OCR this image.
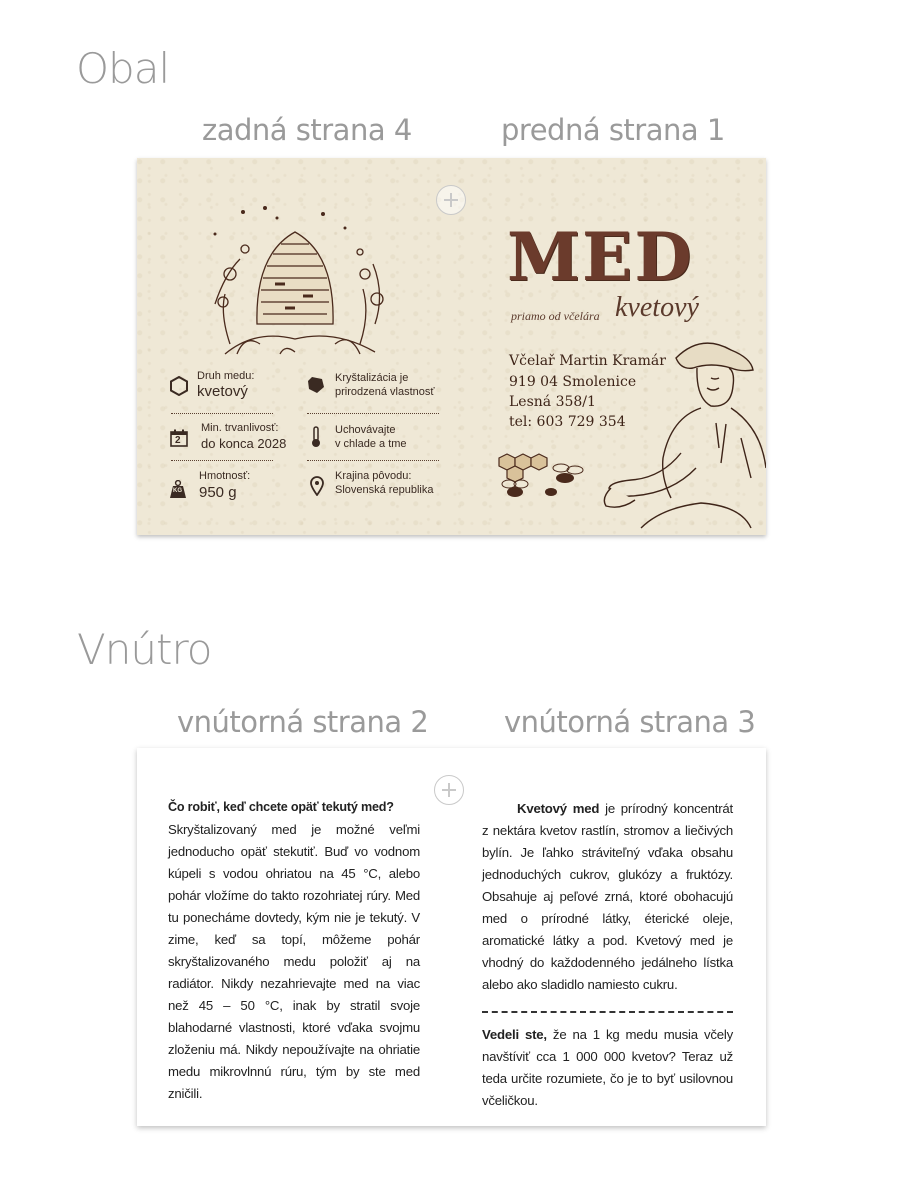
Obal
zadná strana 4	predná strana 1
Druh medu:
kvetový
Kryštalizácia je
prirodzená vlastnosť
2
Min. trvanlivosť:
do konca 2028
Uchovávajte
v chlade a tme
KG
Hmotnosť:
950 g
Krajina pôvodu:
Slovenská republika
MED
priamo od včelára kvetový
Včelař Martin Kramár
919 04 Smolenice
Lesná 358/1
tel: 603 729 354
Vnútro
vnútorná strana 2	vnútorná strana 3
Čo robiť, keď chcete opäť tekutý med?
Skryštalizovaný med je možné veľmi jednoducho opäť stekutiť. Buď vo vodnom kúpeli s vodou ohriatou na 45 °C, alebo pohár vložíme do takto rozohriatej rúry. Med tu ponecháme dovtedy, kým nie je tekutý. V zime, keď sa topí, môžeme pohár skryštalizovaného medu položiť aj na radiátor. Nikdy nezahrievajte med na viac než 45 – 50 °C, inak by stratil svoje blahodarné vlastnosti, ktoré vďaka svojmu zloženiu má. Nikdy nepoužívajte na ohriatie medu mikrovlnnú rúru, tým by ste med zničili.
Kvetový med je prírodný koncentrát z nektára kvetov rastlín, stromov a liečivých bylín. Je ľahko stráviteľný vďaka obsahu jednoduchých cukrov, glukózy a fruktózy. Obsahuje aj peľové zrná, ktoré obohacujú med o prírodné látky, éterické oleje, aromatické látky a pod. Kvetový med je vhodný do každodenného jedálneho lístka alebo ako sladidlo namiesto cukru.
Vedeli ste, že na 1 kg medu musia včely navštíviť cca 1 000 000 kvetov? Teraz už teda určite rozumiete, čo je to byť usilovnou včeličkou.
